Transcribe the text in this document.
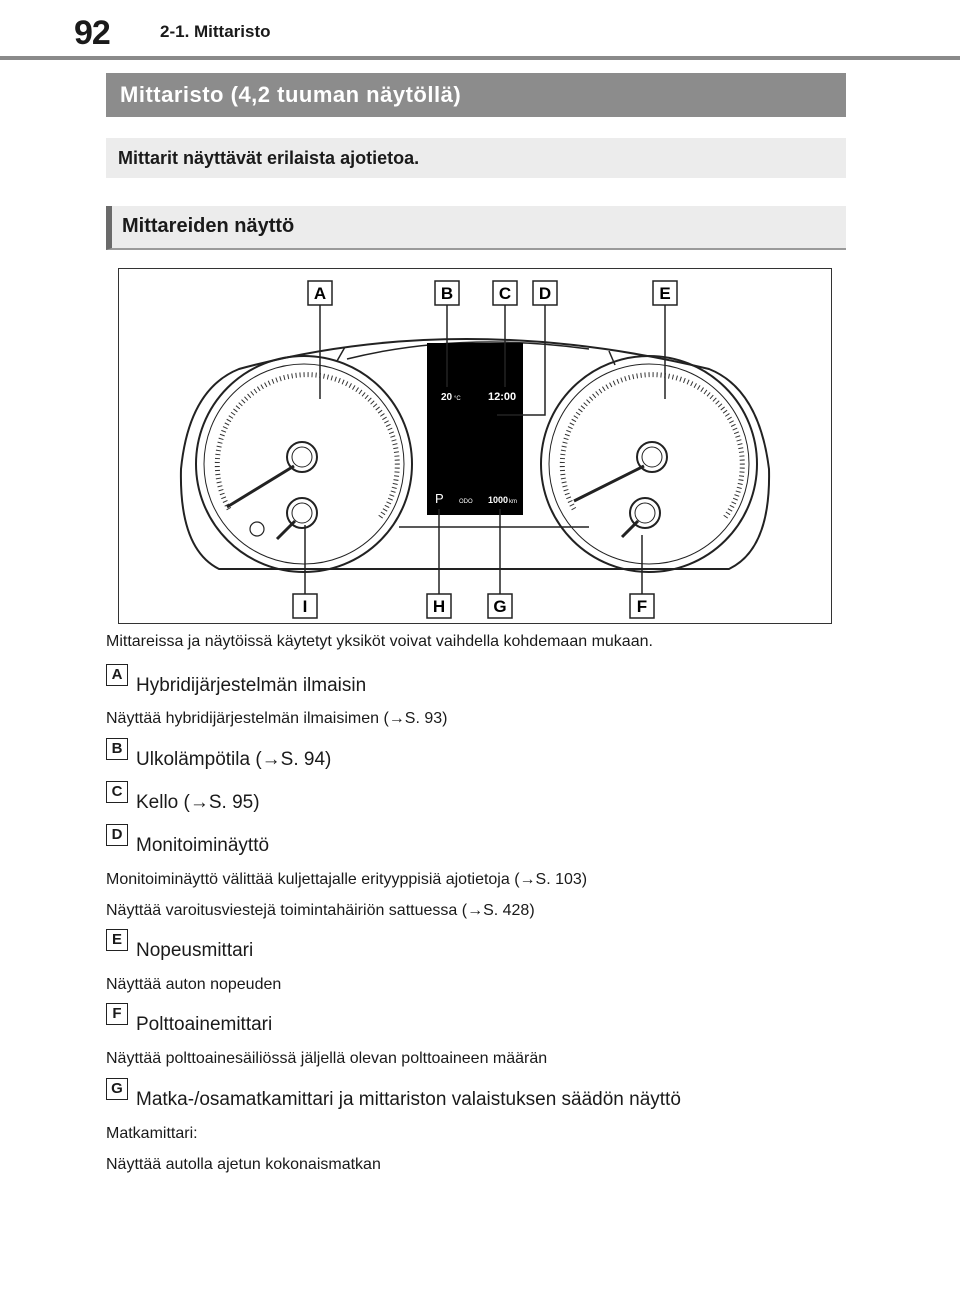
92	2-1. Mittaristo
Mittaristo (4,2 tuuman näytöllä)
Mittarit näyttävät erilaista ajotietoa.
Mittareiden näyttö
20 °C 12:00
P	ODO 1000 km
A	B	C D	E
I	H	G	F
Mittareissa ja näytöissä käytetyt yksiköt voivat vaihdella kohdemaan mukaan.
AHybridijärjestelmän ilmaisin
Näyttää hybridijärjestelmän ilmaisimen (→S. 93)
BUlkolämpötila (→S. 94)
CKello (→S. 95)
DMonitoiminäyttö
Monitoiminäyttö välittää kuljettajalle erityyppisiä ajotietoja (→S. 103)
Näyttää varoitusviestejä toimintahäiriön sattuessa (→S. 428)
ENopeusmittari
Näyttää auton nopeuden
FPolttoainemittari
Näyttää polttoainesäiliössä jäljellä olevan polttoaineen määrän
GMatka-/osamatkamittari ja mittariston valaistuksen säädön näyttö
Matkamittari:
Näyttää autolla ajetun kokonaismatkan
